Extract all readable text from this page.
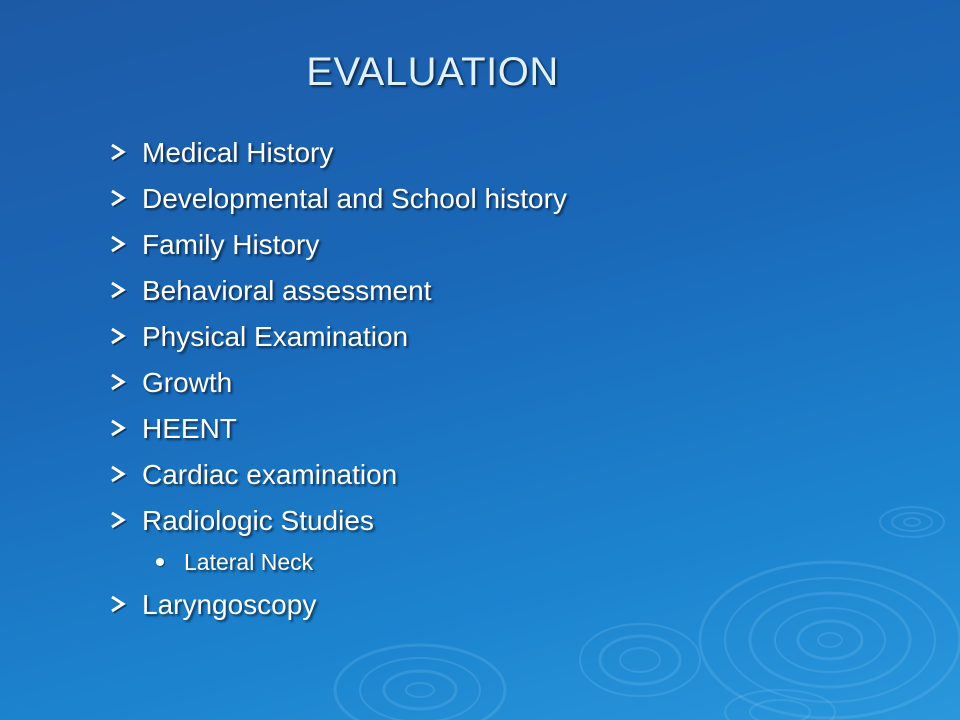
EVALUATION
Medical History
Developmental and School history
Family History
Behavioral assessment
Physical Examination
Growth
HEENT
Cardiac examination
Radiologic Studies
Lateral Neck
Laryngoscopy
